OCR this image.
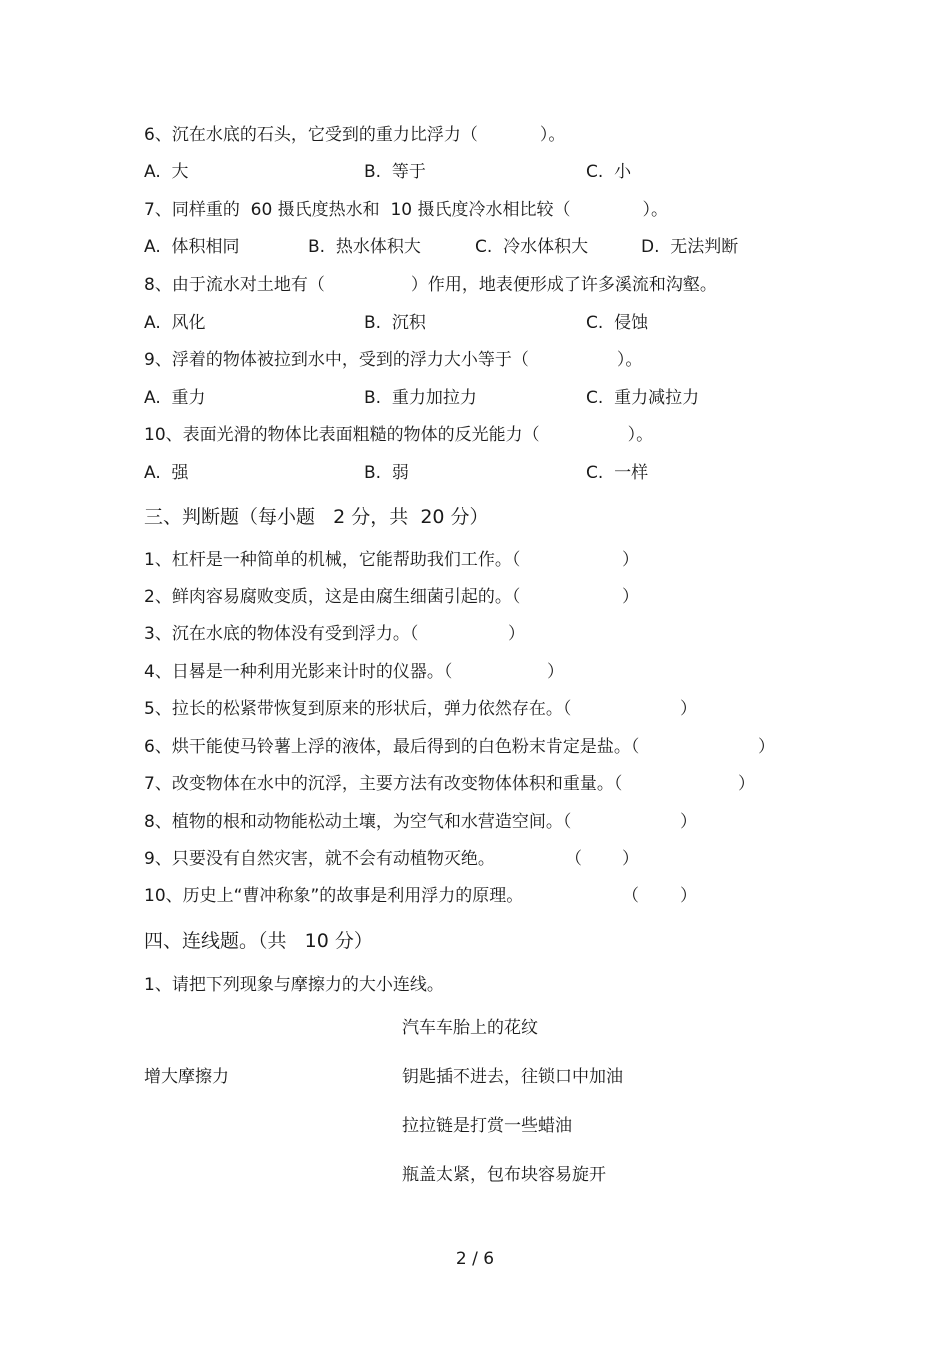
6、沉在水底的石头，它受到的重力比浮力（	）。
A.  大	B.  等于	C.  小
7、同样重的  60 摄氏度热水和  10 摄氏度冷水相比较（	）。
A.  体积相同	B.  热水体积大	C.  冷水体积大	D.  无法判断
8、由于流水对土地有（	）作用，地表便形成了许多溪流和沟壑。
A.  风化	B.  沉积	C.  侵蚀
9、浮着的物体被拉到水中，受到的浮力大小等于（	）。
A.  重力	B.  重力加拉力	C.  重力减拉力
10、表面光滑的物体比表面粗糙的物体的反光能力（	）。
A.  强	B.  弱	C.  一样
三、判断题（每小题   2 分，共  20 分）
1、杠杆是一种简单的机械，它能帮助我们工作。（	）
2、鲜肉容易腐败变质，这是由腐生细菌引起的。（	）
3、沉在水底的物体没有受到浮力。（	）
4、日晷是一种利用光影来计时的仪器。（	）
5、拉长的松紧带恢复到原来的形状后，弹力依然存在。（	）
6、烘干能使马铃薯上浮的液体，最后得到的白色粉末肯定是盐。（	）
7、改变物体在水中的沉浮，主要方法有改变物体体积和重量。（	）
8、植物的根和动物能松动土壤，为空气和水营造空间。（	）
9、只要没有自然灾害，就不会有动植物灭绝。	（ ）
10、历史上“曹冲称象”的故事是利用浮力的原理。	（ ）
四、连线题。（共   10 分）
1、请把下列现象与摩擦力的大小连线。
汽车车胎上的花纹
增大摩擦力	钥匙插不进去，往锁口中加油
拉拉链是打赏一些蜡油
瓶盖太紧，包布块容易旋开
2 / 6
